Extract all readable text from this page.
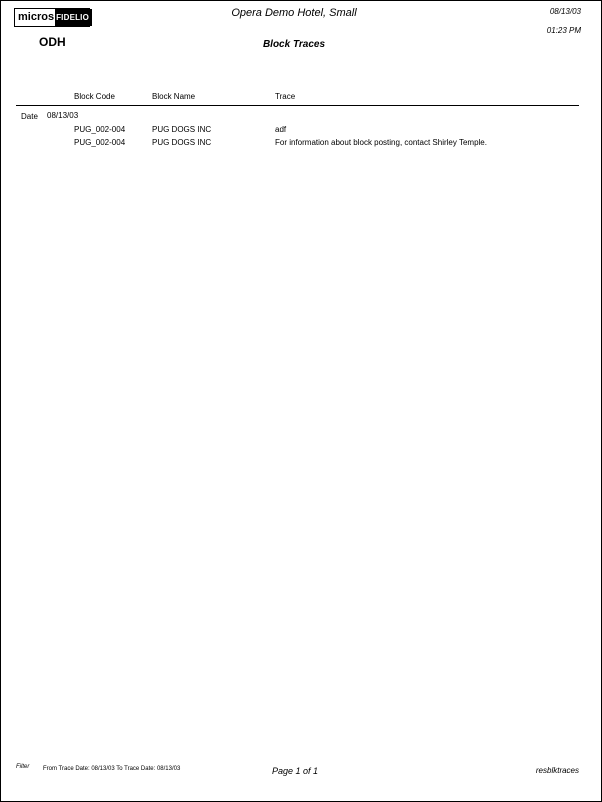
micros FIDELIO	Opera Demo Hotel, Small	08/13/03
01:23 PM
ODH	Block Traces
Block Code	Block Name	Trace
Date 08/13/03
PUG_002-004	PUG DOGS INC	adf
PUG_002-004	PUG DOGS INC	For information about block posting, contact Shirley Temple.
Filter From Trace Date: 08/13/03 To Trace Date: 08/13/03	Page 1 of 1	resblktraces
